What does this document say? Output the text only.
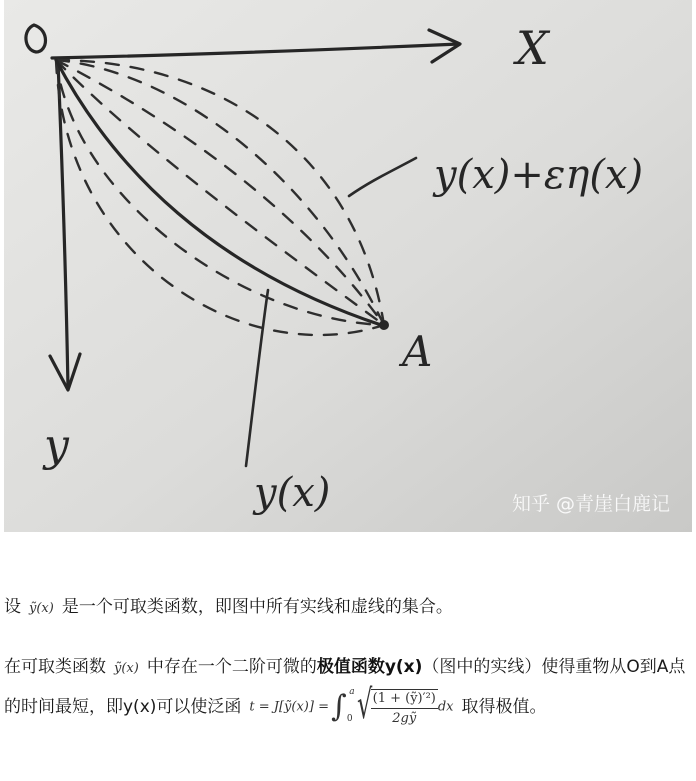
X
y
A
y(x)+εη(x)
y(x)	知乎 @青崖白鹿记
设 ỹ(x) 是一个可取类函数，即图中所有实线和虚线的集合。
在可取类函数 ỹ(x) 中存在一个二阶可微的极值函数y(x)（图中的实线）使得重物从O到A点的时间最短，即y(x)可以使泛函 t = J[ỹ(x)] =∫ a
0 √
$\frac{\text{(1 + (ỹ)′²)}}{\text{2gỹ}}$ dx 取得极值。
